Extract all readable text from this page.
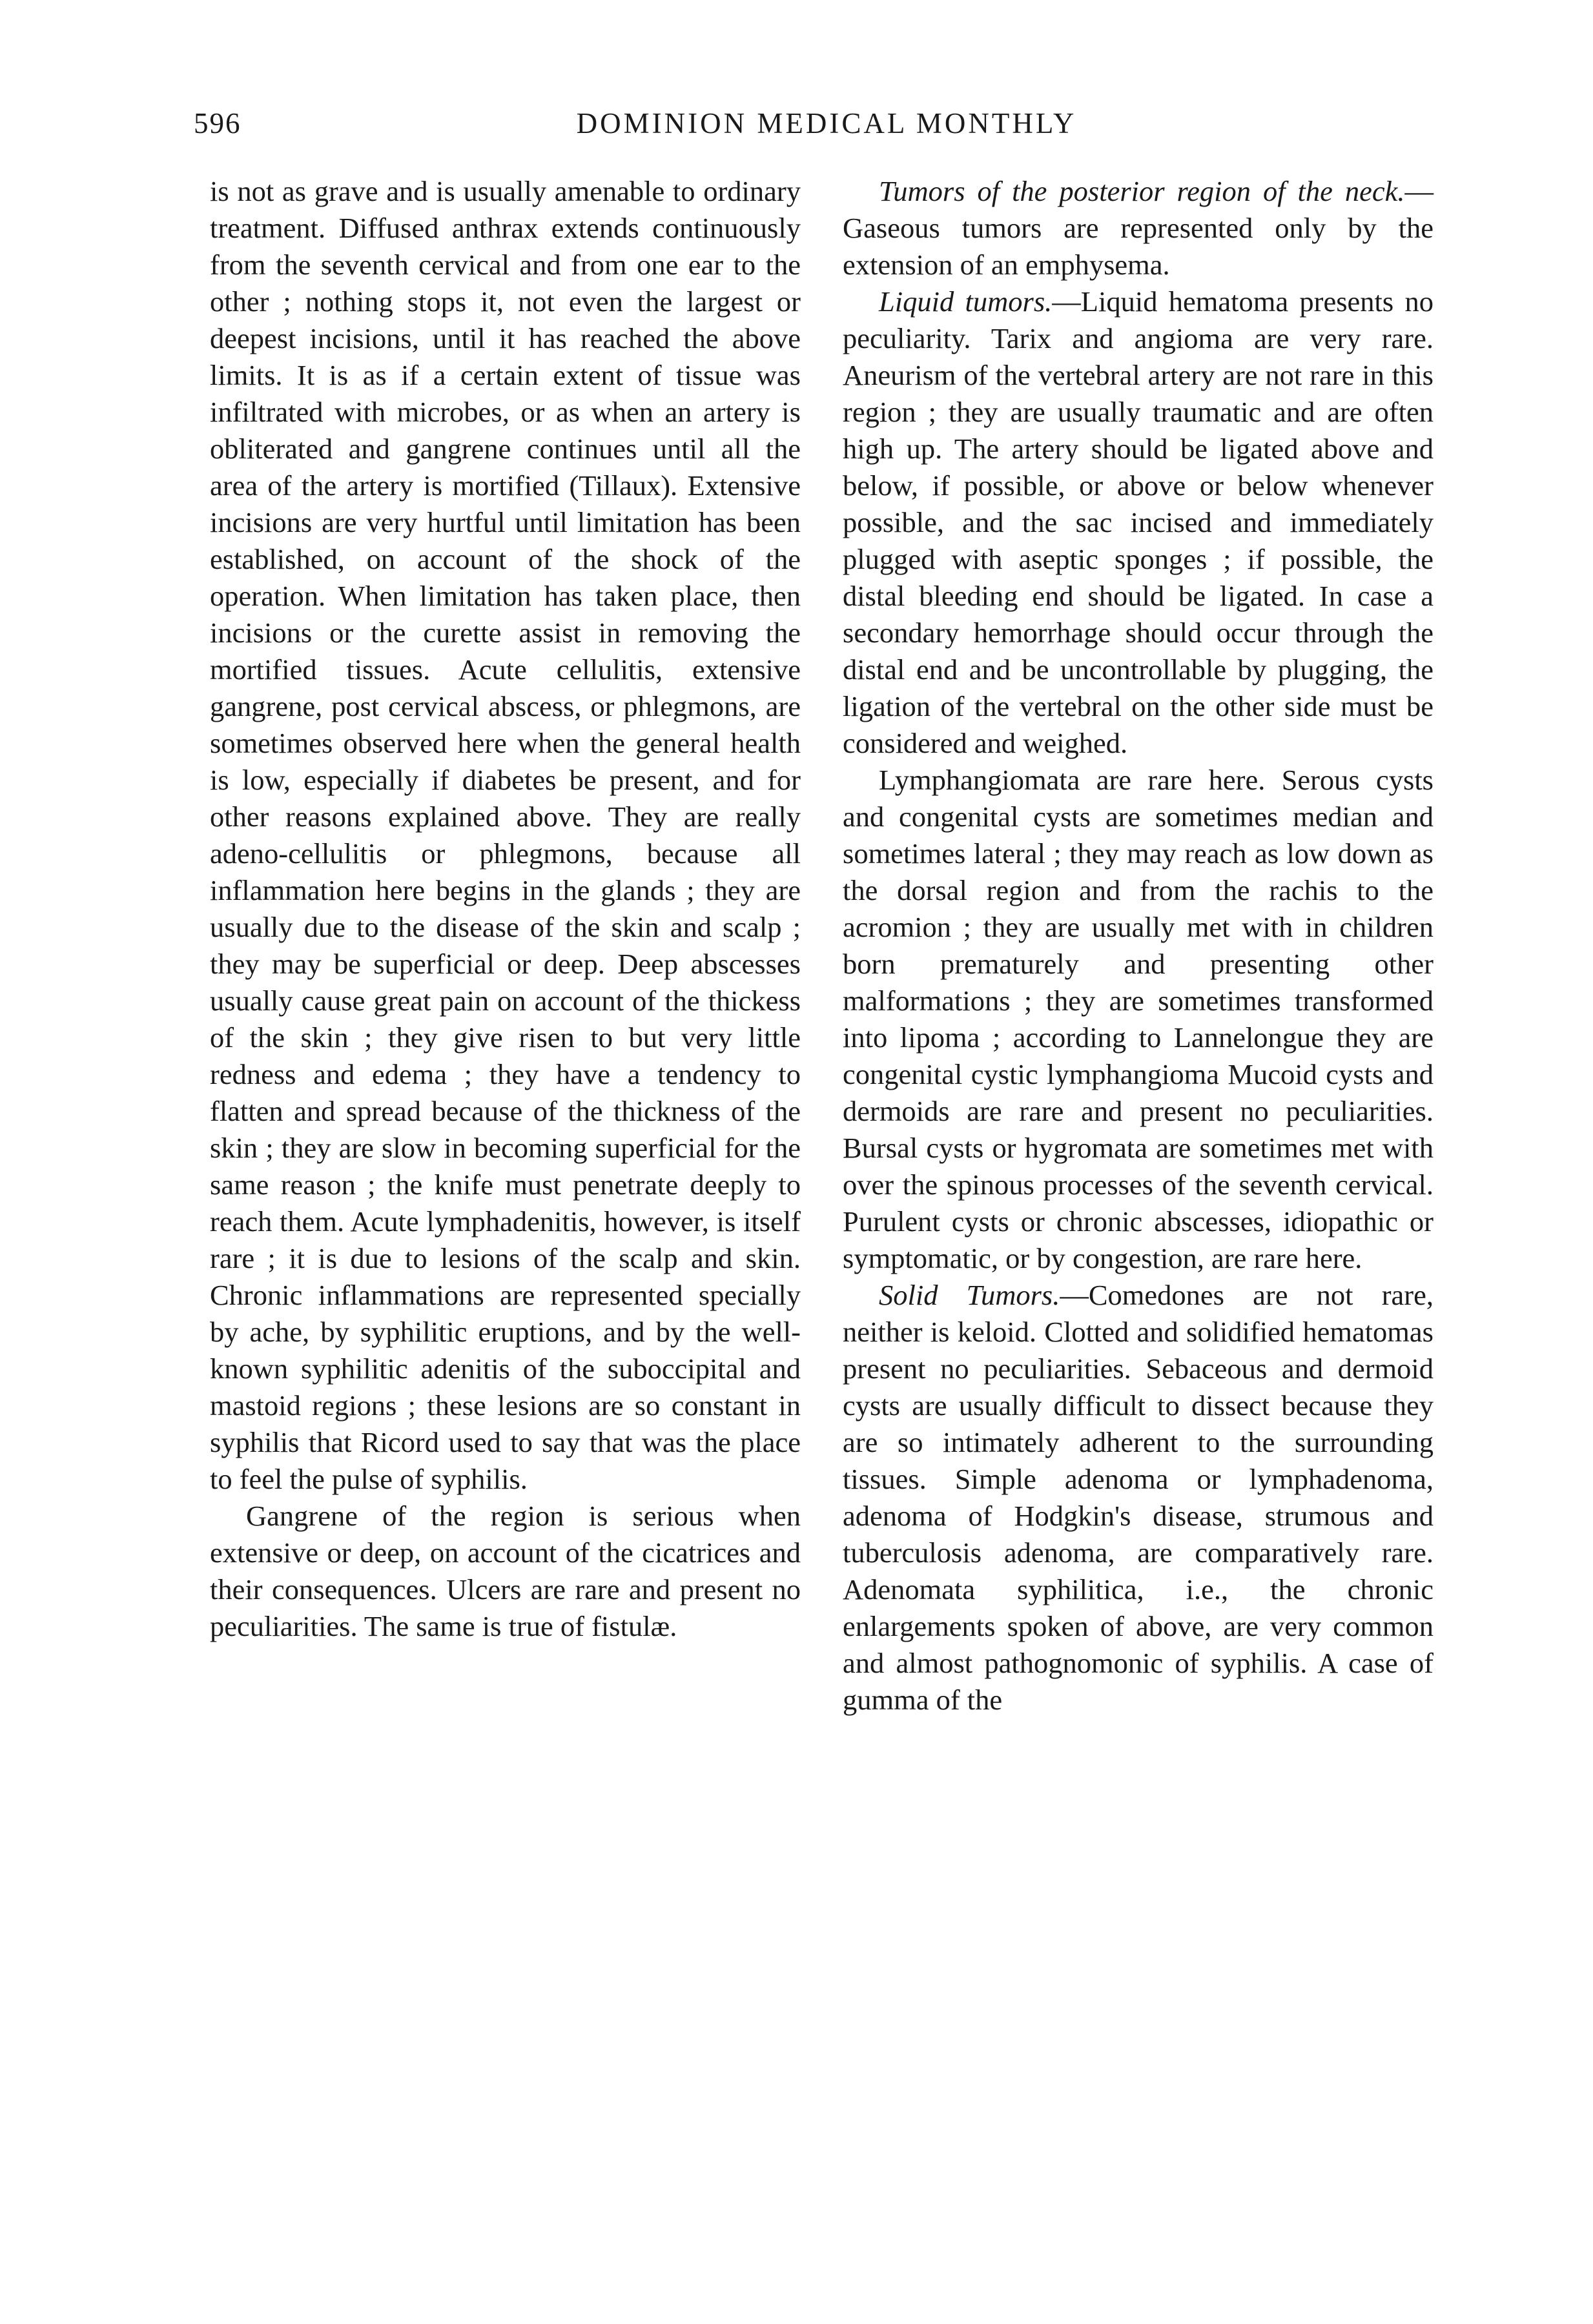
596	DOMINION MEDICAL MONTHLY

is not as grave and is usually amenable to ordinary treatment. Diffused anthrax extends continuously from the seventh cervical and from one ear to the other ; nothing stops it, not even the largest or deepest incisions, until it has reached the above limits. It is as if a certain extent of tissue was infiltrated with microbes, or as when an artery is obliterated and gangrene continues until all the area of the artery is mortified (Tillaux). Extensive incisions are very hurtful until limitation has been established, on account of the shock of the operation. When limitation has taken place, then incisions or the curette assist in removing the mortified tissues. Acute cellulitis, extensive gangrene, post cervical abscess, or phlegmons, are sometimes observed here when the general health is low, especially if diabetes be present, and for other reasons explained above. They are really adeno-cellulitis or phlegmons, because all inflammation here begins in the glands ; they are usually due to the disease of the skin and scalp ; they may be superficial or deep. Deep abscesses usually cause great pain on account of the thickess of the skin ; they give risen to but very little redness and edema ; they have a tendency to flatten and spread because of the thickness of the skin ; they are slow in becoming superficial for the same reason ; the knife must penetrate deeply to reach them. Acute lymphadenitis, however, is itself rare ; it is due to lesions of the scalp and skin. Chronic inflammations are represented specially by ache, by syphilitic eruptions, and by the well-known syphilitic adenitis of the suboccipital and mastoid regions ; these lesions are so constant in syphilis that Ricord used to say that was the place to feel the pulse of syphilis.

Gangrene of the region is serious when extensive or deep, on account of the cicatrices and their consequences. Ulcers are rare and present no peculiarities. The same is true of fistulæ.

Tumors of the posterior region of the neck.—Gaseous tumors are represented only by the extension of an emphysema.

Liquid tumors.—Liquid hematoma presents no peculiarity. Tarix and angioma are very rare. Aneurism of the vertebral artery are not rare in this region ; they are usually traumatic and are often high up. The artery should be ligated above and below, if possible, or above or below whenever possible, and the sac incised and immediately plugged with aseptic sponges ; if possible, the distal bleeding end should be ligated. In case a secondary hemorrhage should occur through the distal end and be uncontrollable by plugging, the ligation of the vertebral on the other side must be considered and weighed.

Lymphangiomata are rare here. Serous cysts and congenital cysts are sometimes median and sometimes lateral ; they may reach as low down as the dorsal region and from the rachis to the acromion ; they are usually met with in children born prematurely and presenting other malformations ; they are sometimes transformed into lipoma ; according to Lannelongue they are congenital cystic lymphangioma Mucoid cysts and dermoids are rare and present no peculiarities. Bursal cysts or hygromata are sometimes met with over the spinous processes of the seventh cervical. Purulent cysts or chronic abscesses, idiopathic or symptomatic, or by congestion, are rare here.

Solid Tumors.—Comedones are not rare, neither is keloid. Clotted and solidified hematomas present no peculiarities. Sebaceous and dermoid cysts are usually difficult to dissect because they are so intimately adherent to the surrounding tissues. Simple adenoma or lymphadenoma, adenoma of Hodgkin's disease, strumous and tuberculosis adenoma, are comparatively rare. Adenomata syphilitica, i.e., the chronic enlargements spoken of above, are very common and almost pathognomonic of syphilis. A case of gumma of the
